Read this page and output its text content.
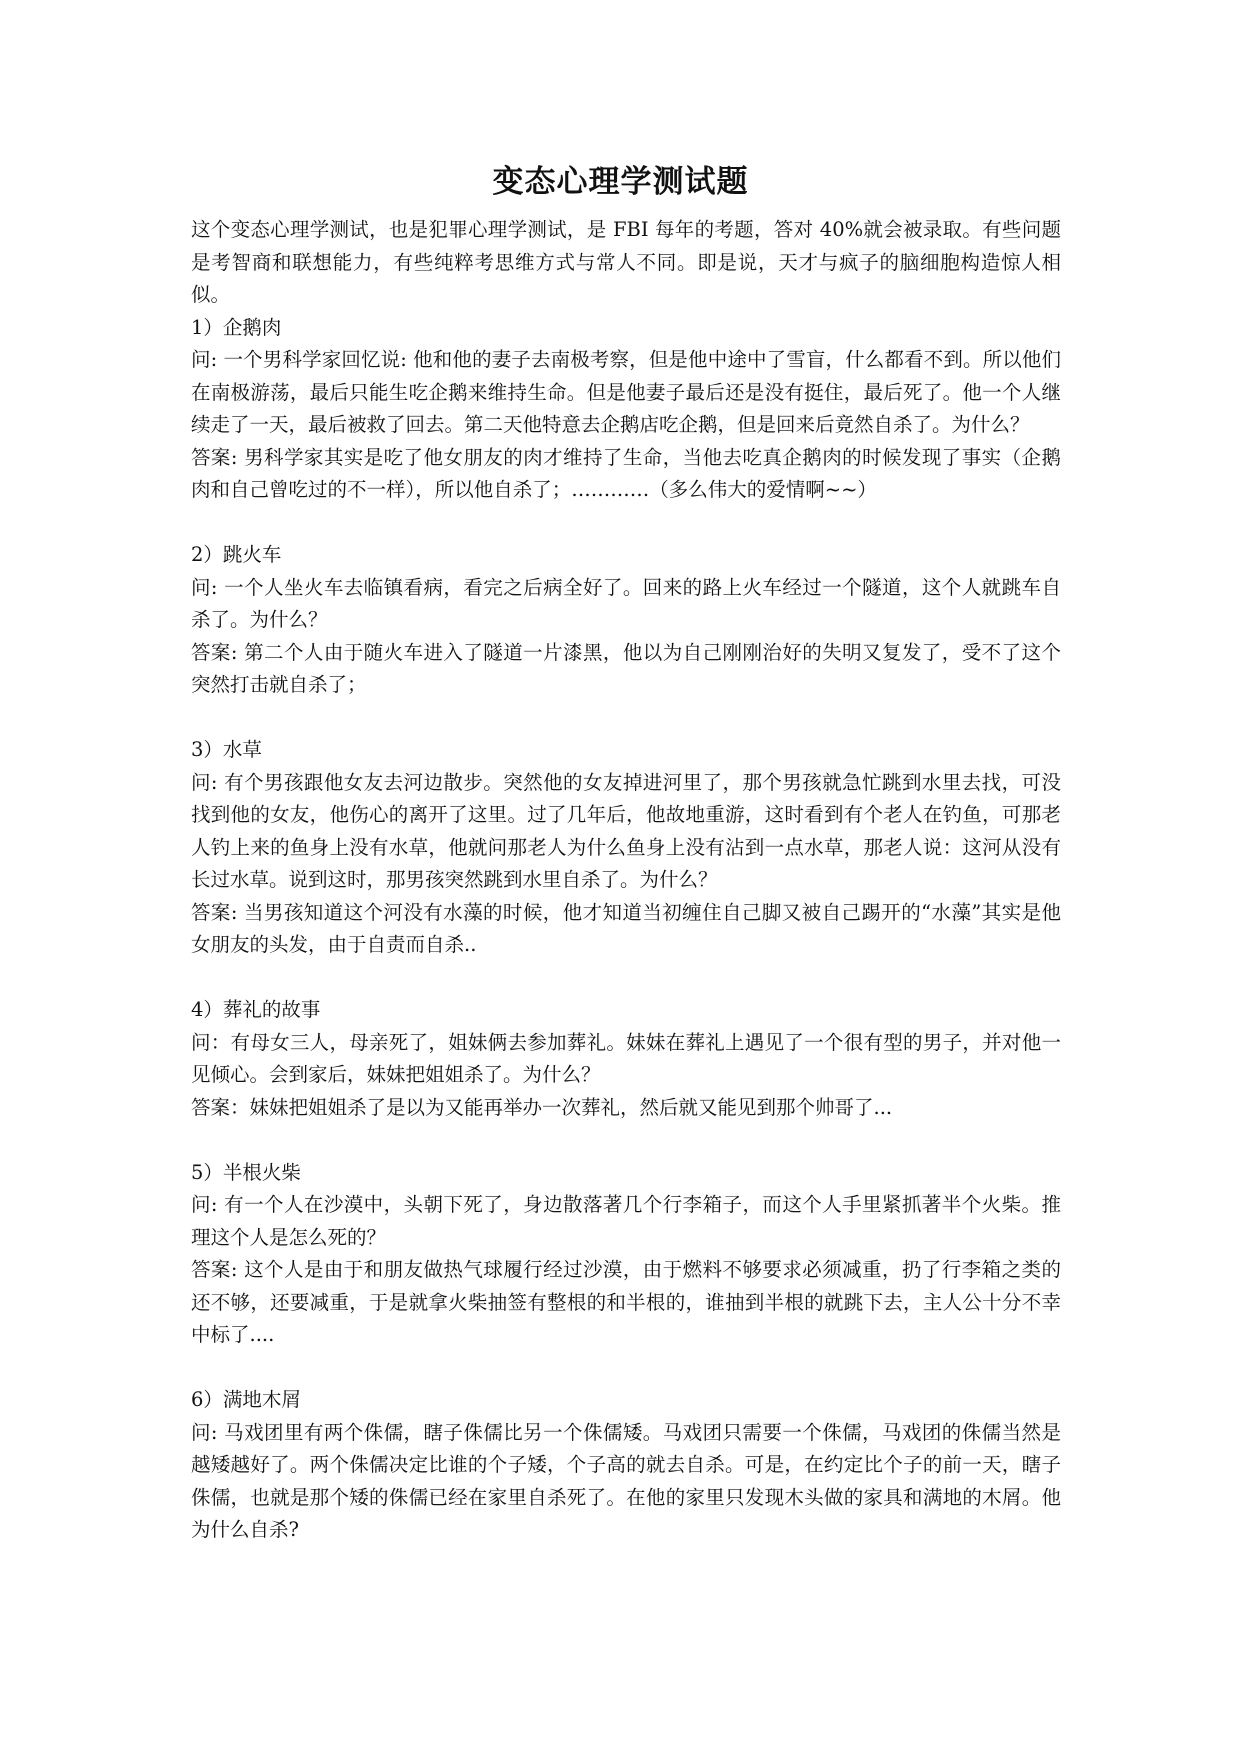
变态心理学测试题

这个变态心理学测试，也是犯罪心理学测试，是 FBI 每年的考题，答对 40%就会被录取。有些问题是考智商和联想能力，有些纯粹考思维方式与常人不同。即是说，天才与疯子的脑细胞构造惊人相似。

1）企鹅肉

问: 一个男科学家回忆说: 他和他的妻子去南极考察，但是他中途中了雪盲，什么都看不到。所以他们在南极游荡，最后只能生吃企鹅来维持生命。但是他妻子最后还是没有挺住，最后死了。他一个人继续走了一天，最后被救了回去。第二天他特意去企鹅店吃企鹅，但是回来后竟然自杀了。为什么？

答案: 男科学家其实是吃了他女朋友的肉才维持了生命，当他去吃真企鹅肉的时候发现了事实（企鹅肉和自己曾吃过的不一样），所以他自杀了；…………（多么伟大的爱情啊~~）

2）跳火车

问: 一个人坐火车去临镇看病，看完之后病全好了。回来的路上火车经过一个隧道，这个人就跳车自杀了。为什么？

答案: 第二个人由于随火车进入了隧道一片漆黑，他以为自己刚刚治好的失明又复发了，受不了这个突然打击就自杀了；

3）水草

问: 有个男孩跟他女友去河边散步。突然他的女友掉进河里了，那个男孩就急忙跳到水里去找，可没找到他的女友，他伤心的离开了这里。过了几年后，他故地重游，这时看到有个老人在钓鱼，可那老人钓上来的鱼身上没有水草，他就问那老人为什么鱼身上没有沾到一点水草，那老人说：这河从没有长过水草。说到这时，那男孩突然跳到水里自杀了。为什么？

答案: 当男孩知道这个河没有水藻的时候，他才知道当初缠住自己脚又被自己踢开的“水藻”其实是他女朋友的头发，由于自责而自杀..

4）葬礼的故事

问：有母女三人，母亲死了，姐妹俩去参加葬礼。妹妹在葬礼上遇见了一个很有型的男子，并对他一见倾心。会到家后，妹妹把姐姐杀了。为什么？

答案：妹妹把姐姐杀了是以为又能再举办一次葬礼，然后就又能见到那个帅哥了...

5）半根火柴

问: 有一个人在沙漠中，头朝下死了，身边散落著几个行李箱子，而这个人手里紧抓著半个火柴。推理这个人是怎么死的？

答案: 这个人是由于和朋友做热气球履行经过沙漠，由于燃料不够要求必须减重，扔了行李箱之类的还不够，还要减重，于是就拿火柴抽签有整根的和半根的，谁抽到半根的就跳下去，主人公十分不幸中标了....

6）满地木屑

问: 马戏团里有两个侏儒，瞎子侏儒比另一个侏儒矮。马戏团只需要一个侏儒，马戏团的侏儒当然是越矮越好了。两个侏儒决定比谁的个子矮，个子高的就去自杀。可是，在约定比个子的前一天，瞎子侏儒，也就是那个矮的侏儒已经在家里自杀死了。在他的家里只发现木头做的家具和满地的木屑。他为什么自杀?
